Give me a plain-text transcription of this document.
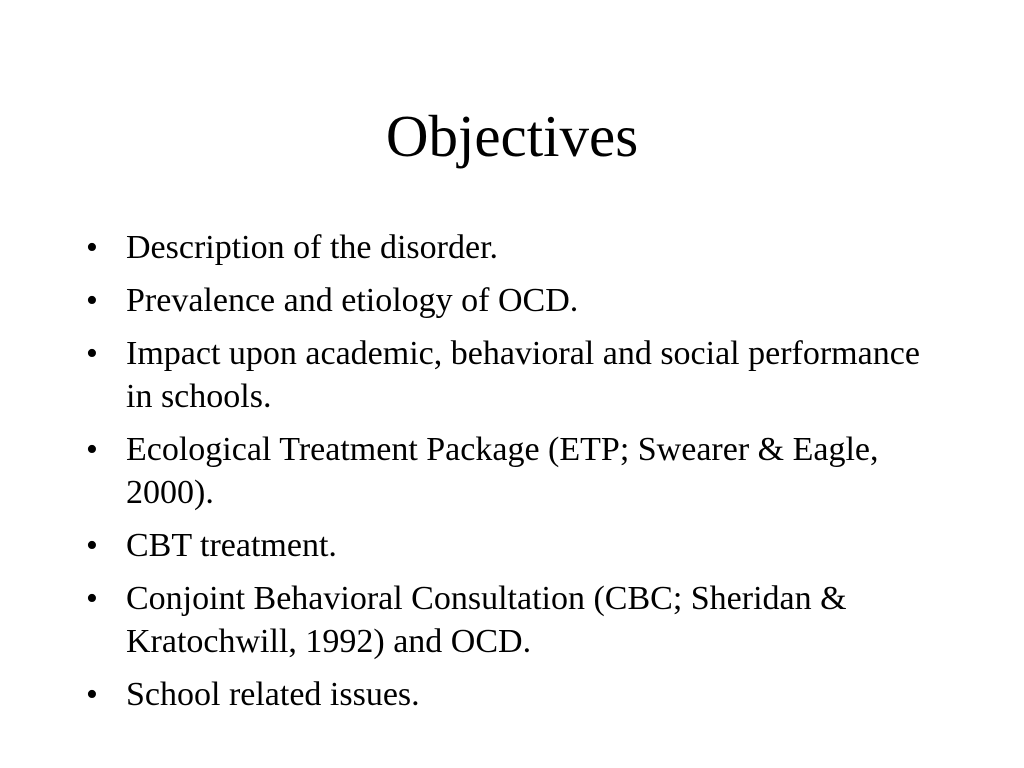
Objectives
• Description of the disorder.
• Prevalence and etiology of OCD.
• Impact upon academic, behavioral and social performance in schools.
• Ecological Treatment Package (ETP; Swearer & Eagle, 2000).
• CBT treatment.
• Conjoint Behavioral Consultation (CBC; Sheridan & Kratochwill, 1992) and OCD.
• School related issues.
